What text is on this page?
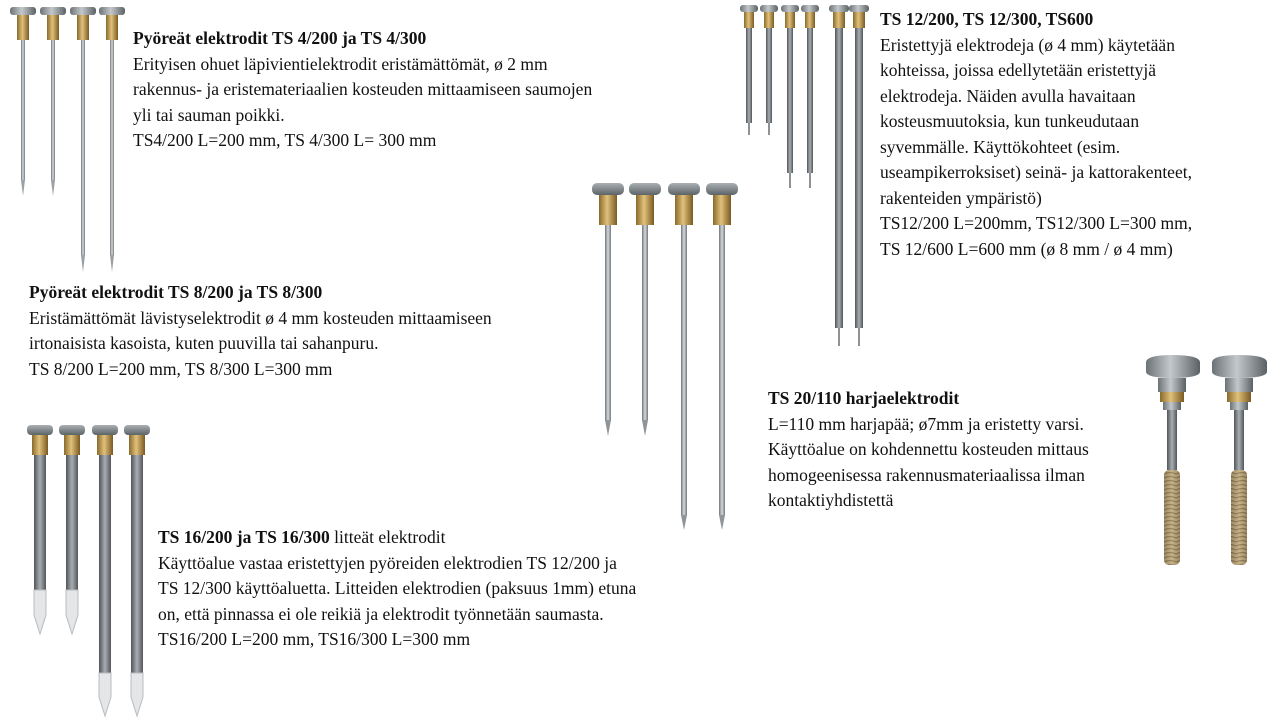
Pyöreät elektrodit TS 4/200 ja TS 4/300
Erityisen ohuet läpivientielektrodit eristämättömät, ø 2 mm
rakennus- ja eristemateriaalien kosteuden mittaamiseen saumojen
yli tai sauman poikki.
TS4/200 L=200 mm, TS 4/300 L= 300 mm
Pyöreät elektrodit TS 8/200 ja TS 8/300
Eristämättömät lävistyselektrodit ø 4 mm kosteuden mittaamiseen
irtonaisista kasoista, kuten puuvilla tai sahanpuru.
TS 8/200 L=200 mm, TS 8/300 L=300 mm
TS 16/200 ja TS 16/300 litteät elektrodit
Käyttöalue vastaa eristettyjen pyöreiden elektrodien TS 12/200 ja
TS 12/300 käyttöaluetta. Litteiden elektrodien (paksuus 1mm) etuna
on, että pinnassa ei ole reikiä ja elektrodit työnnetään saumasta.
TS16/200 L=200 mm, TS16/300 L=300 mm
TS 12/200, TS 12/300, TS600
Eristettyjä elektrodeja (ø 4 mm) käytetään
kohteissa, joissa edellytetään eristettyjä
elektrodeja. Näiden avulla havaitaan
kosteusmuutoksia, kun tunkeudutaan
syvemmälle. Käyttökohteet (esim.
useampikerroksiset) seinä- ja kattorakenteet,
rakenteiden ympäristö)
TS12/200 L=200mm, TS12/300 L=300 mm,
TS 12/600 L=600 mm (ø 8 mm / ø 4 mm)
TS 20/110 harjaelektrodit
L=110 mm harjapää; ø7mm ja eristetty varsi.
Käyttöalue on kohdennettu kosteuden mittaus
homogeenisessa rakennusmateriaalissa ilman
kontaktiyhdistettä
